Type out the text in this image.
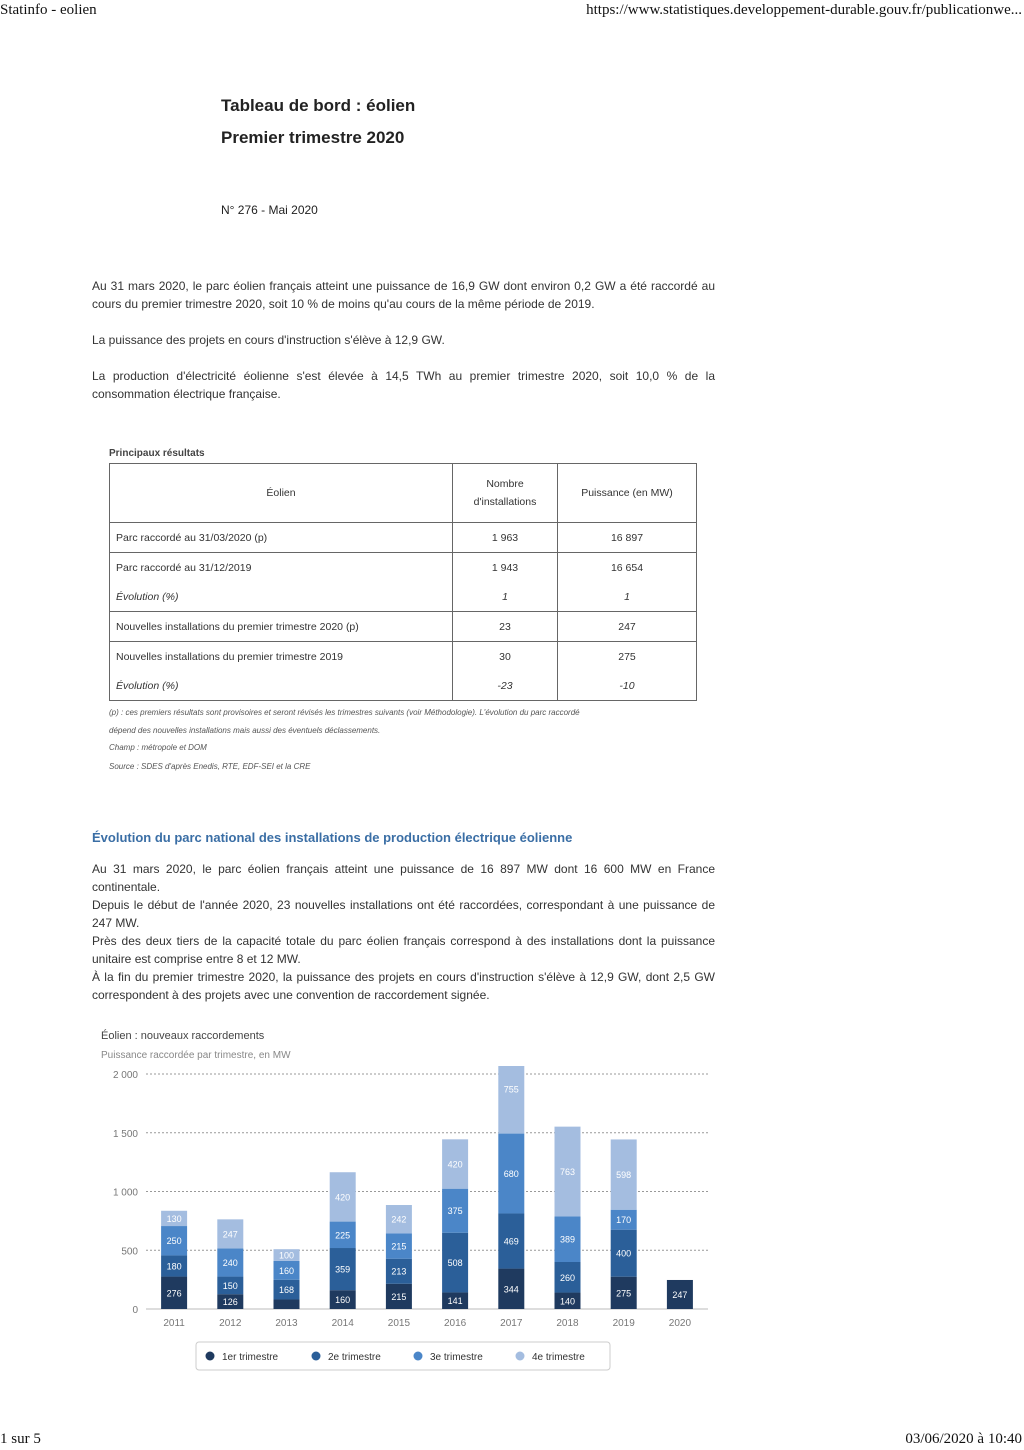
Statinfo - eolien	https://www.statistiques.developpement-durable.gouv.fr/publicationwe...
Tableau de bord : éolien
Premier trimestre 2020
N° 276 - Mai 2020
Au 31 mars 2020, le parc éolien français atteint une puissance de 16,9 GW dont environ 0,2 GW a été raccordé au cours du premier trimestre 2020, soit 10 % de moins qu'au cours de la même période de 2019.
La puissance des projets en cours d'instruction s'élève à 12,9 GW.
La production d'électricité éolienne s'est élevée à 14,5 TWh au premier trimestre 2020, soit 10,0 % de la consommation électrique française.
Principaux résultats
Éolien	Nombre d'installations	Puissance (en MW)
Parc raccordé au 31/03/2020 (p)	1 963	16 897
Parc raccordé au 31/12/2019	1 943	16 654
Évolution (%)	1	1
Nouvelles installations du premier trimestre 2020 (p)	23	247
Nouvelles installations du premier trimestre 2019	30	275
Évolution (%)	-23	-10
(p) : ces premiers résultats sont provisoires et seront révisés les trimestres suivants (voir Méthodologie). L'évolution du parc raccordé
dépend des nouvelles installations mais aussi des éventuels déclassements.
Champ : métropole et DOM
Source : SDES d'après Enedis, RTE, EDF-SEI et la CRE
Évolution du parc national des installations de production électrique éolienne
Au 31 mars 2020, le parc éolien français atteint une puissance de 16 897 MW dont 16 600 MW en France continentale.
Depuis le début de l'année 2020, 23 nouvelles installations ont été raccordées, correspondant à une puissance de 247 MW.
Près des deux tiers de la capacité totale du parc éolien français correspond à des installations dont la puissance unitaire est comprise entre 8 et 12 MW.
À la fin du premier trimestre 2020, la puissance des projets en cours d'instruction s'élève à 12,9 GW, dont 2,5 GW correspondent à des projets avec une convention de raccordement signée.
Éolien : nouveaux raccordements
Puissance raccordée par trimestre, en MW
0
500
1 000
1 500
2 000
276
180
250
130
2011
126
150
240
247
2012
168
160
100
2013
160
359
225
420
2014
215
213
215
242
2015
141
508
375
420
2016
344
469
680
755
2017
140
260
389
763
2018
275
400
170
598
2019
247
2020
1er trimestre	2e trimestre	3e trimestre	4e trimestre
1 sur 5	03/06/2020 à 10:40
